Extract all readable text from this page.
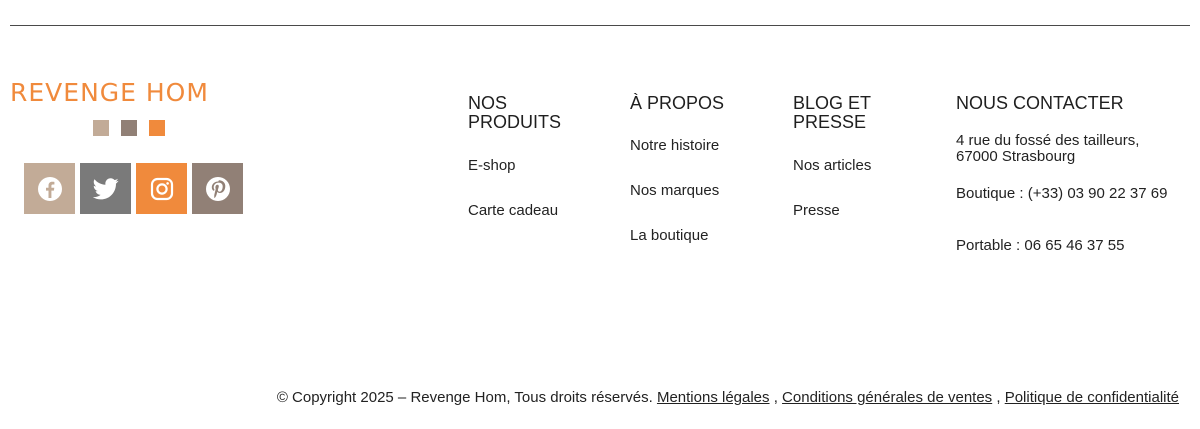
REVENGE HOM	NOS PRODUITS
E-shop
Carte cadeau
À PROPOS
Notre histoire
Nos marques
La boutique
BLOG ET PRESSE
Nos articles
Presse
NOUS CONTACTER
4 rue du fossé des tailleurs, 67000 Strasbourg
Boutique : (+33) 03 90 22 37 69
Portable : 06 65 46 37 55
© Copyright 2025 – Revenge Hom, Tous droits réservés. Mentions légales , Conditions générales de ventes , Politique de confidentialité
